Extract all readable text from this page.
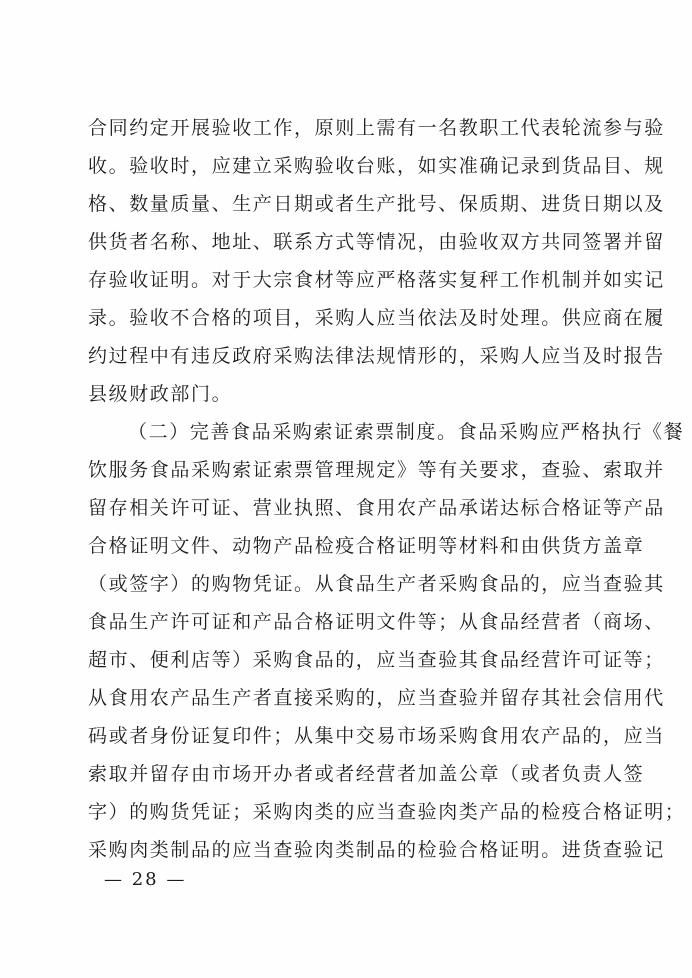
合同约定开展验收工作，原则上需有一名教职工代表轮流参与验
收。验收时，应建立采购验收台账，如实准确记录到货品目、规
格、数量质量、生产日期或者生产批号、保质期、进货日期以及
供货者名称、地址、联系方式等情况，由验收双方共同签署并留
存验收证明。对于大宗食材等应严格落实复秤工作机制并如实记
录。验收不合格的项目，采购人应当依法及时处理。供应商在履
约过程中有违反政府采购法律法规情形的，采购人应当及时报告
县级财政部门。
（二）完善食品采购索证索票制度。食品采购应严格执行《餐
饮服务食品采购索证索票管理规定》等有关要求，查验、索取并
留存相关许可证、营业执照、食用农产品承诺达标合格证等产品
合格证明文件、动物产品检疫合格证明等材料和由供货方盖章
（或签字）的购物凭证。从食品生产者采购食品的，应当查验其
食品生产许可证和产品合格证明文件等；从食品经营者（商场、
超市、便利店等）采购食品的，应当查验其食品经营许可证等；
从食用农产品生产者直接采购的，应当查验并留存其社会信用代
码或者身份证复印件；从集中交易市场采购食用农产品的，应当
索取并留存由市场开办者或者经营者加盖公章（或者负责人签
字）的购货凭证；采购肉类的应当查验肉类产品的检疫合格证明；
采购肉类制品的应当查验肉类制品的检验合格证明。进货查验记
— 28 —
